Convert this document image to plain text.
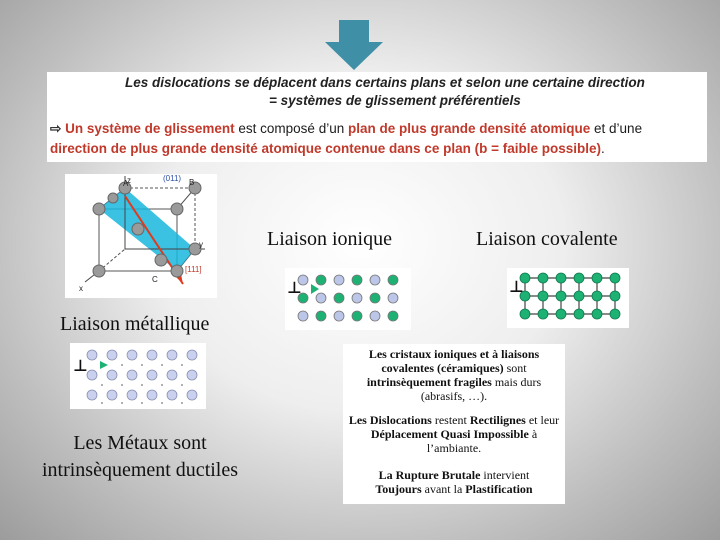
Les dislocations se déplacent dans certains plans et selon une certaine direction
= systèmes de glissement préférentiels
⇨ Un système de glissement est composé d’un plan de plus grande densité atomique et d’une direction de plus grande densité atomique contenue dans ce plan (b = faible possible).
A	B
C
z
y
x
(011)
[111]
Liaison ionique	Liaison covalente
Liaison métallique
⊥	⊥
⊥
Les Métaux sont intrinsèquement ductiles
Les cristaux ioniques et à liaisons covalentes (céramiques) sont intrinsèquement fragiles mais durs (abrasifs, …).
Les Dislocations restent Rectilignes et leur Déplacement Quasi Impossible à l’ambiante.
La Rupture Brutale intervient
Toujours avant la Plastification
